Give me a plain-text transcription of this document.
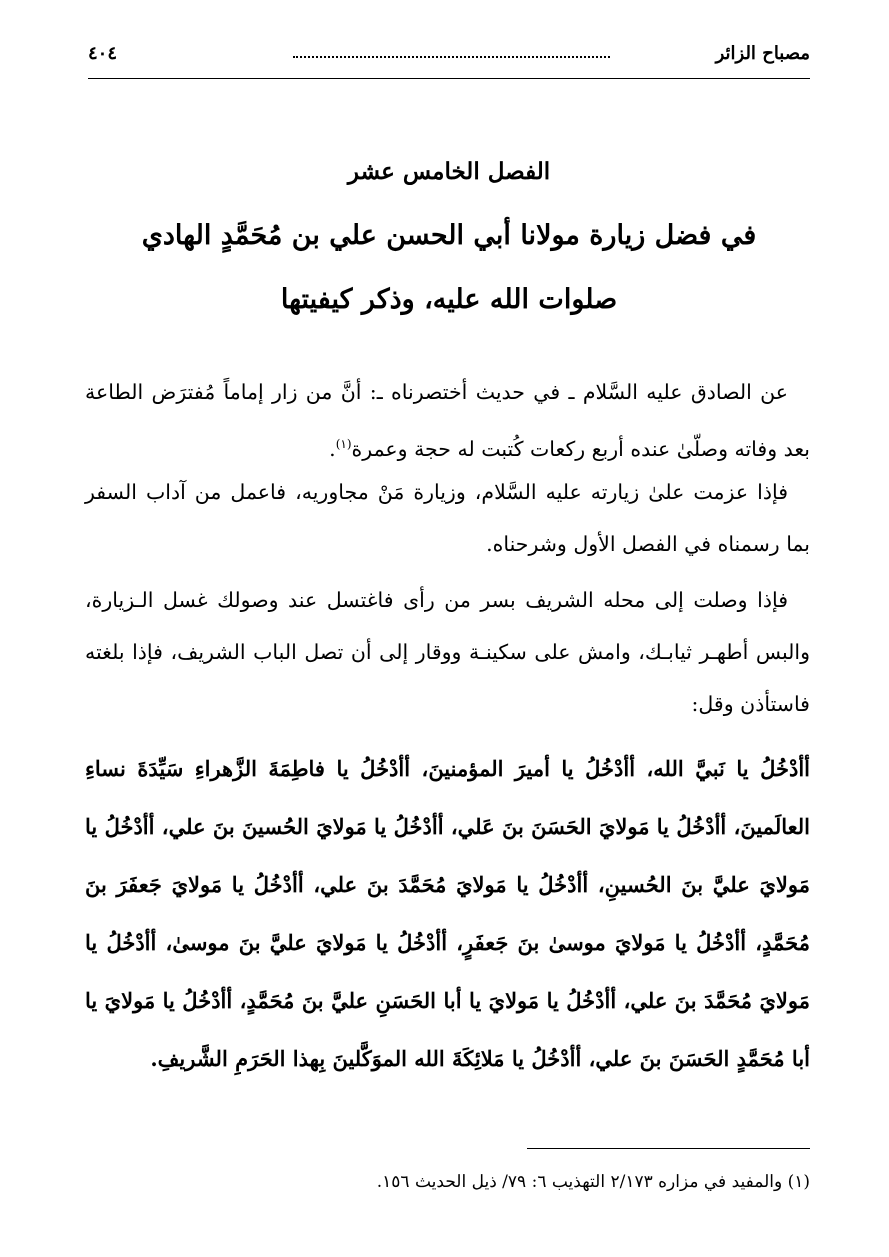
٤٠٤	مصباح الزائر
الفصل الخامس عشر
في فضل زيارة مولانا أبي الحسن علي بن مُحَمَّدٍ الهادي
صلوات الله عليه، وذكر كيفيتها

عن الصادق عليه السَّلام ـ في حديث أختصرناه ـ: أنَّ من زار إماماً مُفترَض الطاعة بعد وفاته وصلّىٰ عنده أربع ركعات كُتبت له حجة وعمرة$^{(١)}$.

فإذا عزمت علىٰ زيارته عليه السَّلام، وزيارة مَنْ مجاوريه، فاعمل من آداب السفر بما رسمناه في الفصل الأول وشرحناه.

فإذا وصلت إلى محله الشريف بسر من رأى فاغتسل عند وصولك غسل الـزيارة، والبس أطهـر ثيابـك، وامش على سكينـة ووقار إلى أن تصل الباب الشريف، فإذا بلغته فاستأذن وقل:

أأدْخُلُ يا نَبيَّ الله، أأدْخُلُ يا أميرَ المؤمنينَ، أأدْخُلُ يا فاطِمَةَ الزَّهراءِ سَيِّدَةَ نساءِ العالَمينَ، أأدْخُلُ يا مَولايَ الحَسَنَ بنَ عَلي، أأدْخُلُ يا مَولايَ الحُسينَ بنَ علي، أأدْخُلُ يا مَولايَ عليَّ بنَ الحُسينِ، أأدْخُلُ يا مَولايَ مُحَمَّدَ بنَ علي، أأدْخُلُ يا مَولايَ جَعفَرَ بنَ مُحَمَّدٍ، أأدْخُلُ يا مَولايَ موسىٰ بنَ جَعفَرٍ، أأدْخُلُ يا مَولايَ عليَّ بنَ موسىٰ، أأدْخُلُ يا مَولايَ مُحَمَّدَ بنَ علي، أأدْخُلُ يا مَولايَ يا أبا الحَسَنِ عليَّ بنَ مُحَمَّدٍ، أأدْخُلُ يا مَولايَ يا أبا مُحَمَّدٍ الحَسَنَ بنَ علي، أأدْخُلُ يا مَلائِكَةَ الله الموَكَّلينَ بِهذا الحَرَمِ الشَّريفِ.

(١) والمفيد في مزاره ٢/١٧٣ التهذيب ٦: ٧٩/ ذيل الحديث ١٥٦.
